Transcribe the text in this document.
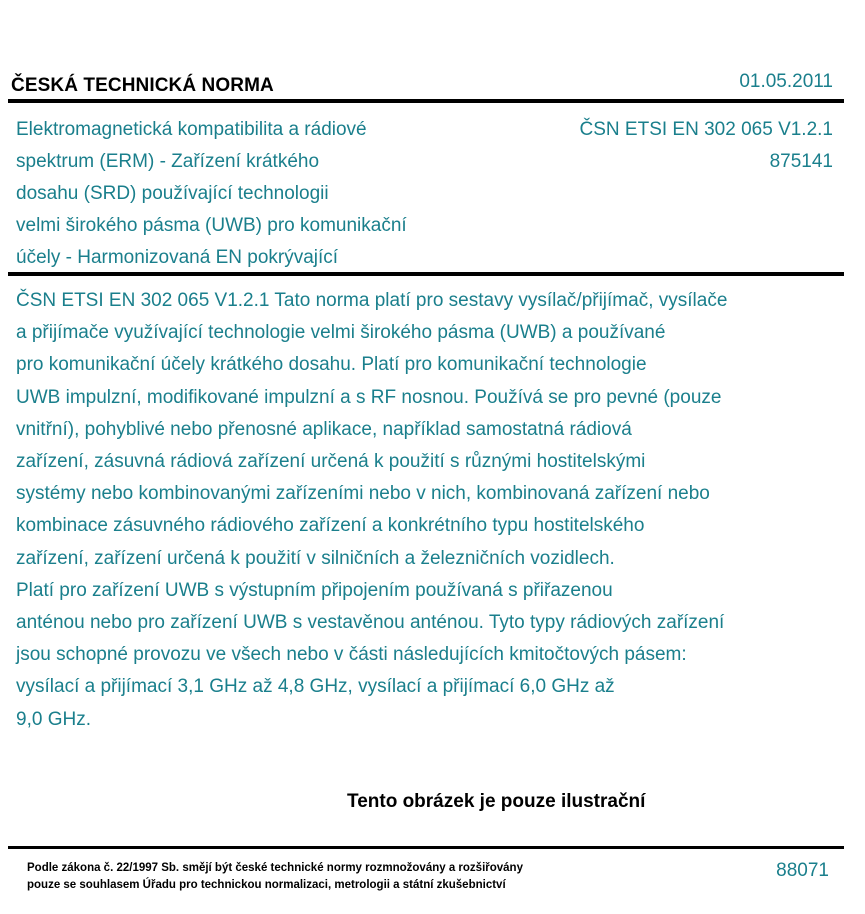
ČESKÁ TECHNICKÁ NORMA	01.05.2011
Elektromagnetická kompatibilita a rádiové
spektrum (ERM) - Zařízení krátkého
dosahu (SRD) používající technologii
velmi širokého pásma (UWB) pro komunikační
účely - Harmonizovaná EN pokrývající
ČSN ETSI EN 302 065 V1.2.1
875141
ČSN ETSI EN 302 065 V1.2.1 Tato norma platí pro sestavy vysílač/přijímač, vysílače
a přijímače využívající technologie velmi širokého pásma (UWB) a používané
pro komunikační účely krátkého dosahu. Platí pro komunikační technologie
UWB impulzní, modifikované impulzní a s RF nosnou. Používá se pro pevné (pouze
vnitřní), pohyblivé nebo přenosné aplikace, například samostatná rádiová
zařízení, zásuvná rádiová zařízení určená k použití s různými hostitelskými
systémy nebo kombinovanými zařízeními nebo v nich, kombinovaná zařízení nebo
kombinace zásuvného rádiového zařízení a konkrétního typu hostitelského
zařízení, zařízení určená k použití v silničních a železničních vozidlech.
Platí pro zařízení UWB s výstupním připojením používaná s přiřazenou
anténou nebo pro zařízení UWB s vestavěnou anténou. Tyto typy rádiových zařízení
jsou schopné provozu ve všech nebo v části následujících kmitočtových pásem:
vysílací a přijímací 3,1 GHz až 4,8 GHz, vysílací a přijímací 6,0 GHz až
9,0 GHz.
Tento obrázek je pouze ilustrační
Podle zákona č. 22/1997 Sb. smějí být české technické normy rozmnožovány a rozšiřovány
pouze se souhlasem Úřadu pro technickou normalizaci, metrologii a státní zkušebnictví
88071
